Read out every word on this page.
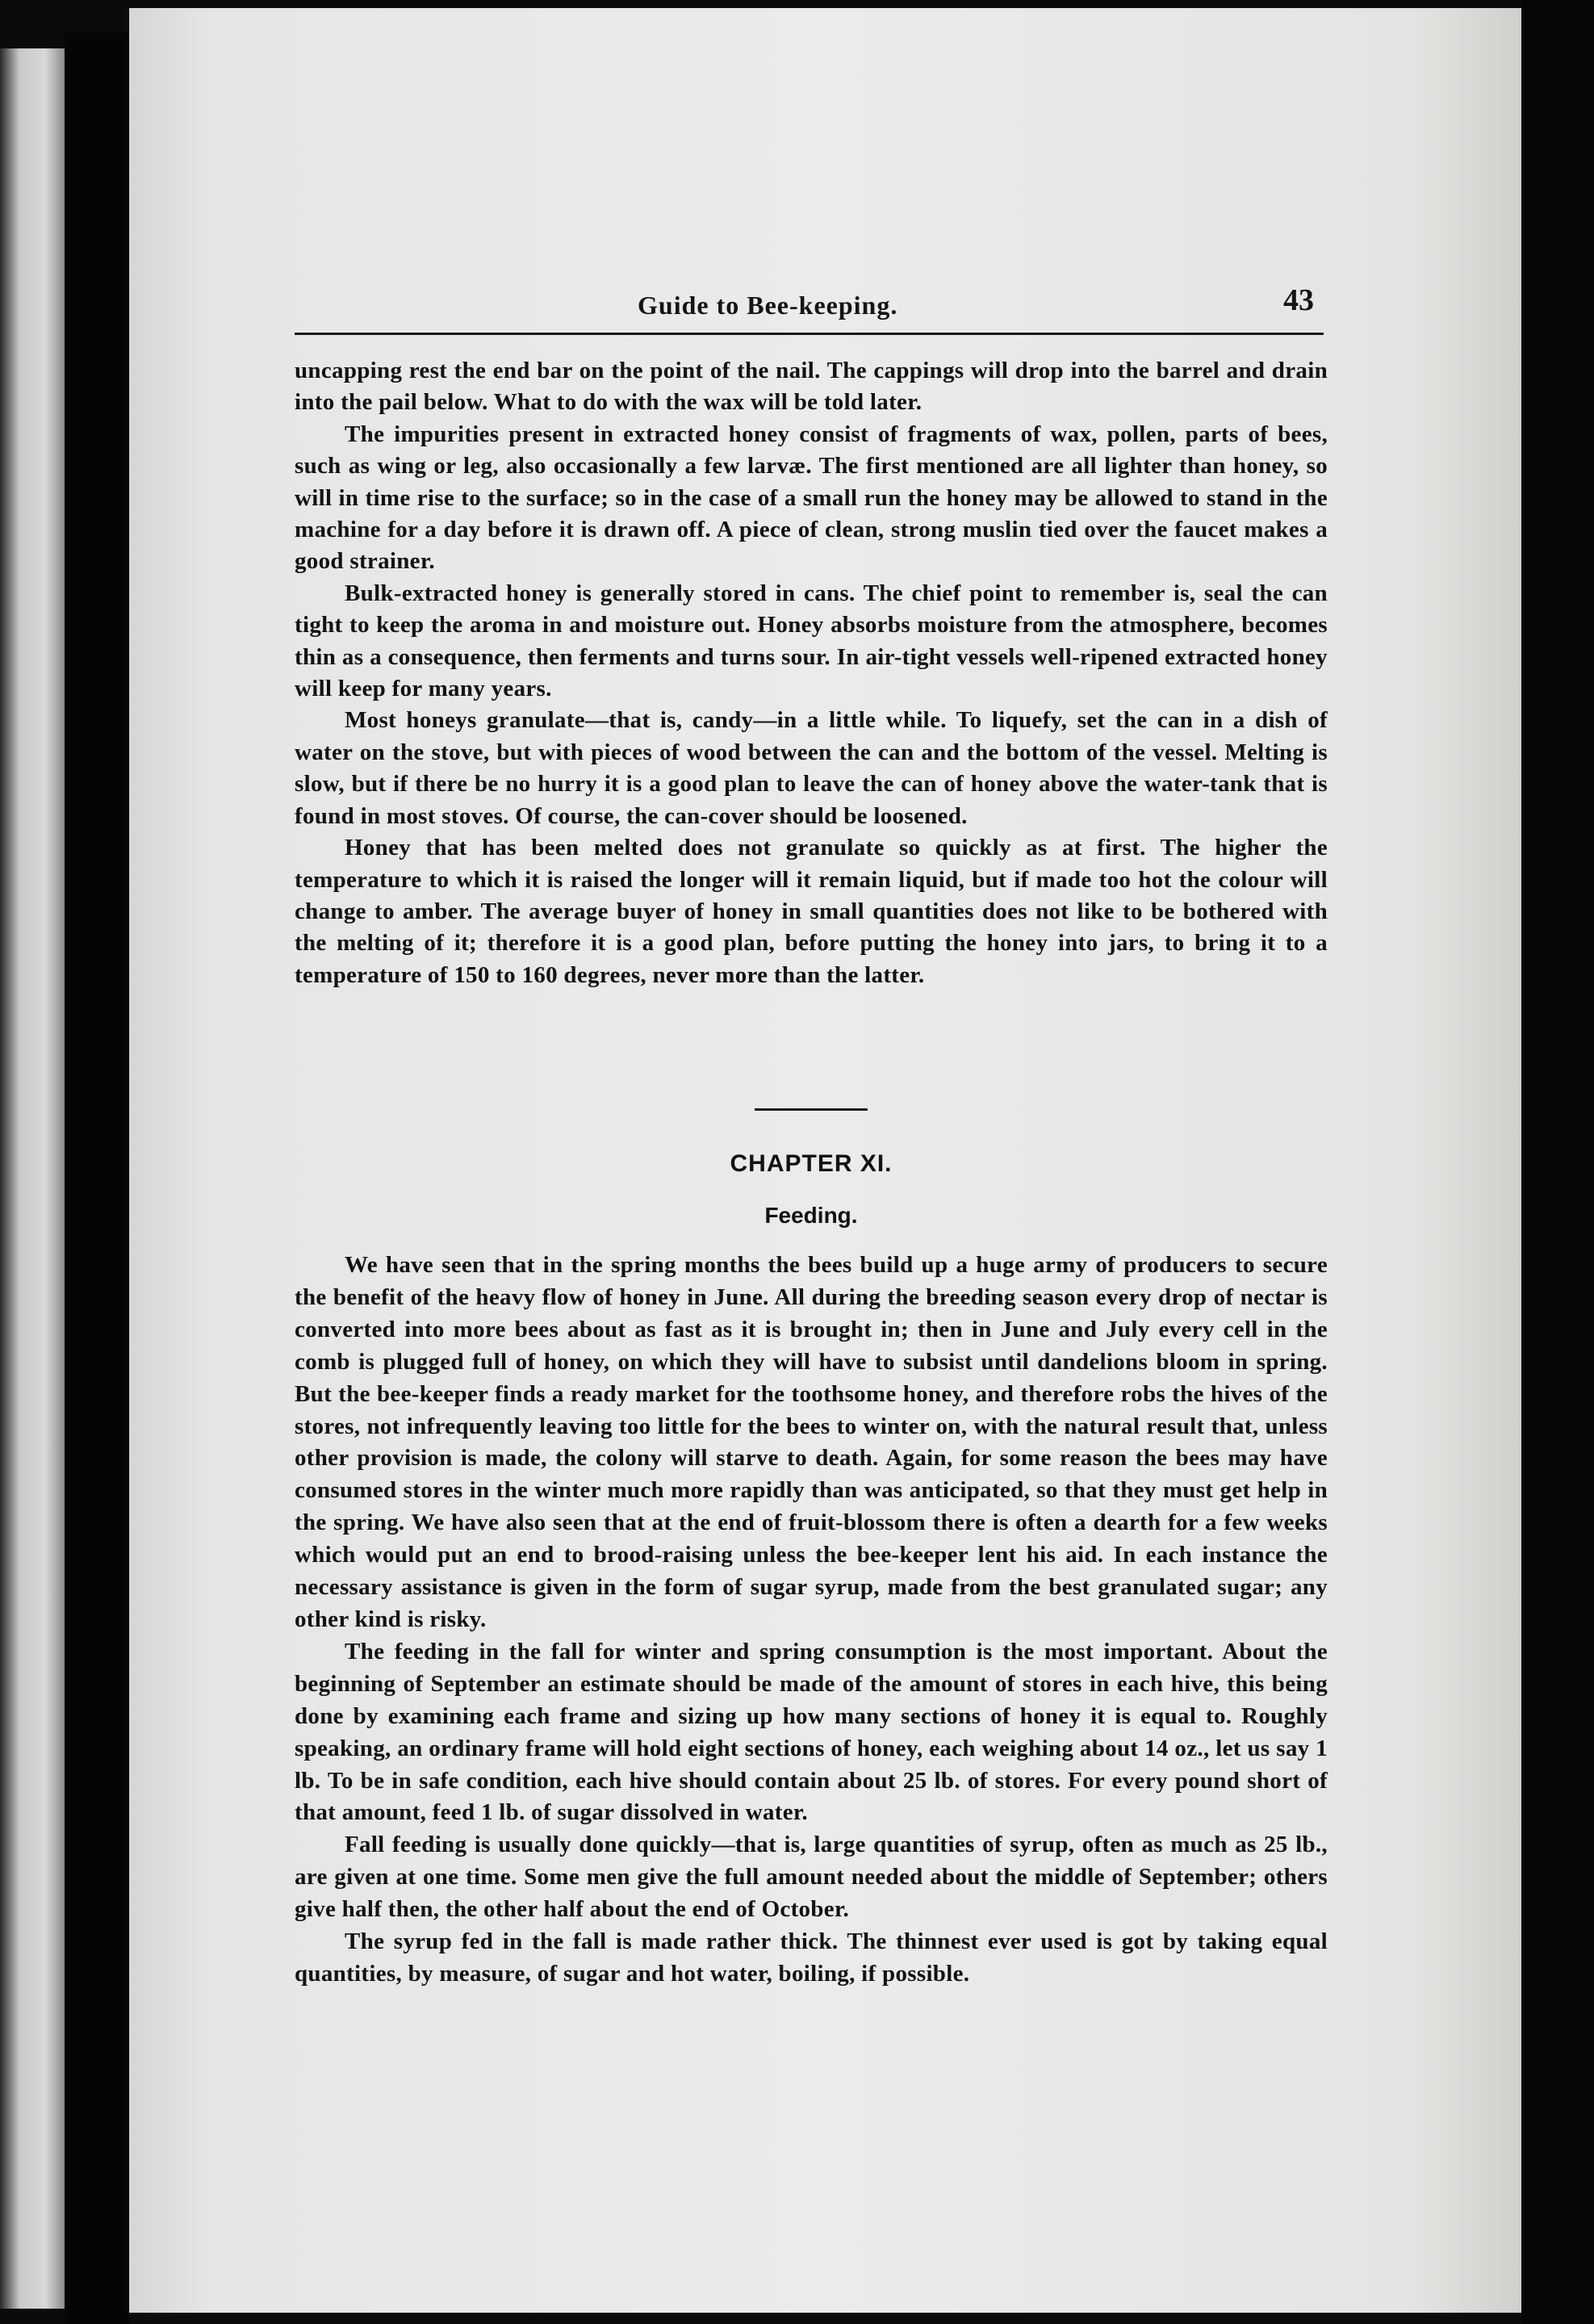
Guide to Bee-keeping.	43

uncapping rest the end bar on the point of the nail. The cappings will drop into the barrel and drain into the pail below. What to do with the wax will be told later.

The impurities present in extracted honey consist of fragments of wax, pollen, parts of bees, such as wing or leg, also occasionally a few larvæ. The first mentioned are all lighter than honey, so will in time rise to the surface; so in the case of a small run the honey may be allowed to stand in the machine for a day before it is drawn off. A piece of clean, strong muslin tied over the faucet makes a good strainer.

Bulk-extracted honey is generally stored in cans. The chief point to remember is, seal the can tight to keep the aroma in and moisture out. Honey absorbs moisture from the atmosphere, becomes thin as a consequence, then ferments and turns sour. In air-tight vessels well-ripened extracted honey will keep for many years.

Most honeys granulate—that is, candy—in a little while. To liquefy, set the can in a dish of water on the stove, but with pieces of wood between the can and the bottom of the vessel. Melting is slow, but if there be no hurry it is a good plan to leave the can of honey above the water-tank that is found in most stoves. Of course, the can-cover should be loosened.

Honey that has been melted does not granulate so quickly as at first. The higher the temperature to which it is raised the longer will it remain liquid, but if made too hot the colour will change to amber. The average buyer of honey in small quantities does not like to be bothered with the melting of it; therefore it is a good plan, before putting the honey into jars, to bring it to a temperature of 150 to 160 degrees, never more than the latter.

CHAPTER XI.
Feeding.

We have seen that in the spring months the bees build up a huge army of producers to secure the benefit of the heavy flow of honey in June. All during the breeding season every drop of nectar is converted into more bees about as fast as it is brought in; then in June and July every cell in the comb is plugged full of honey, on which they will have to subsist until dandelions bloom in spring. But the bee-keeper finds a ready market for the toothsome honey, and therefore robs the hives of the stores, not infrequently leaving too little for the bees to winter on, with the natural result that, unless other provision is made, the colony will starve to death. Again, for some reason the bees may have consumed stores in the winter much more rapidly than was anticipated, so that they must get help in the spring. We have also seen that at the end of fruit-blossom there is often a dearth for a few weeks which would put an end to brood-raising unless the bee-keeper lent his aid. In each instance the necessary assistance is given in the form of sugar syrup, made from the best granulated sugar; any other kind is risky.

The feeding in the fall for winter and spring consumption is the most important. About the beginning of September an estimate should be made of the amount of stores in each hive, this being done by examining each frame and sizing up how many sections of honey it is equal to. Roughly speaking, an ordinary frame will hold eight sections of honey, each weighing about 14 oz., let us say 1 lb. To be in safe condition, each hive should contain about 25 lb. of stores. For every pound short of that amount, feed 1 lb. of sugar dissolved in water.

Fall feeding is usually done quickly—that is, large quantities of syrup, often as much as 25 lb., are given at one time. Some men give the full amount needed about the middle of September; others give half then, the other half about the end of October.

The syrup fed in the fall is made rather thick. The thinnest ever used is got by taking equal quantities, by measure, of sugar and hot water, boiling, if possible.
